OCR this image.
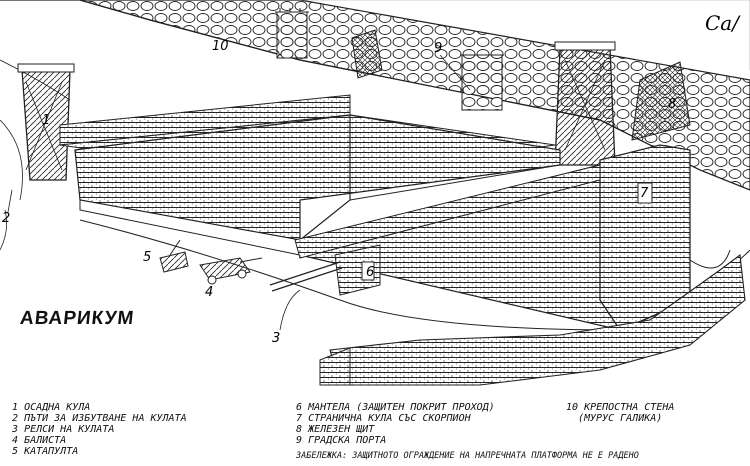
1
2
3
4
5
6
7
8
9
10
Ca/
АВАРИКУМ
1 ОСАДНА КУЛА
2 ПЪТИ ЗА ИЗБУТВАНЕ НА КУЛАТА
3 РЕЛСИ НА КУЛАТА
4 БАЛИСТА
5 КАТАПУЛТА
6 МАНТЕЛА (ЗАЩИТЕН ПОКРИТ ПРОХОД)
7 СТРАНИЧНА КУЛА СЪС СКОРПИОН
8 ЖЕЛЕЗЕН ЩИТ
9 ГРАДСКА ПОРТА
10 КРЕПОСТНА СТЕНА
(МУРУС ГАЛИКА)
ЗАБЕЛЕЖКА: ЗАЩИТНОТО ОГРАЖДЕНИЕ НА НАПРЕЧНАТА ПЛАТФОРМА НЕ Е РАДЕНО
